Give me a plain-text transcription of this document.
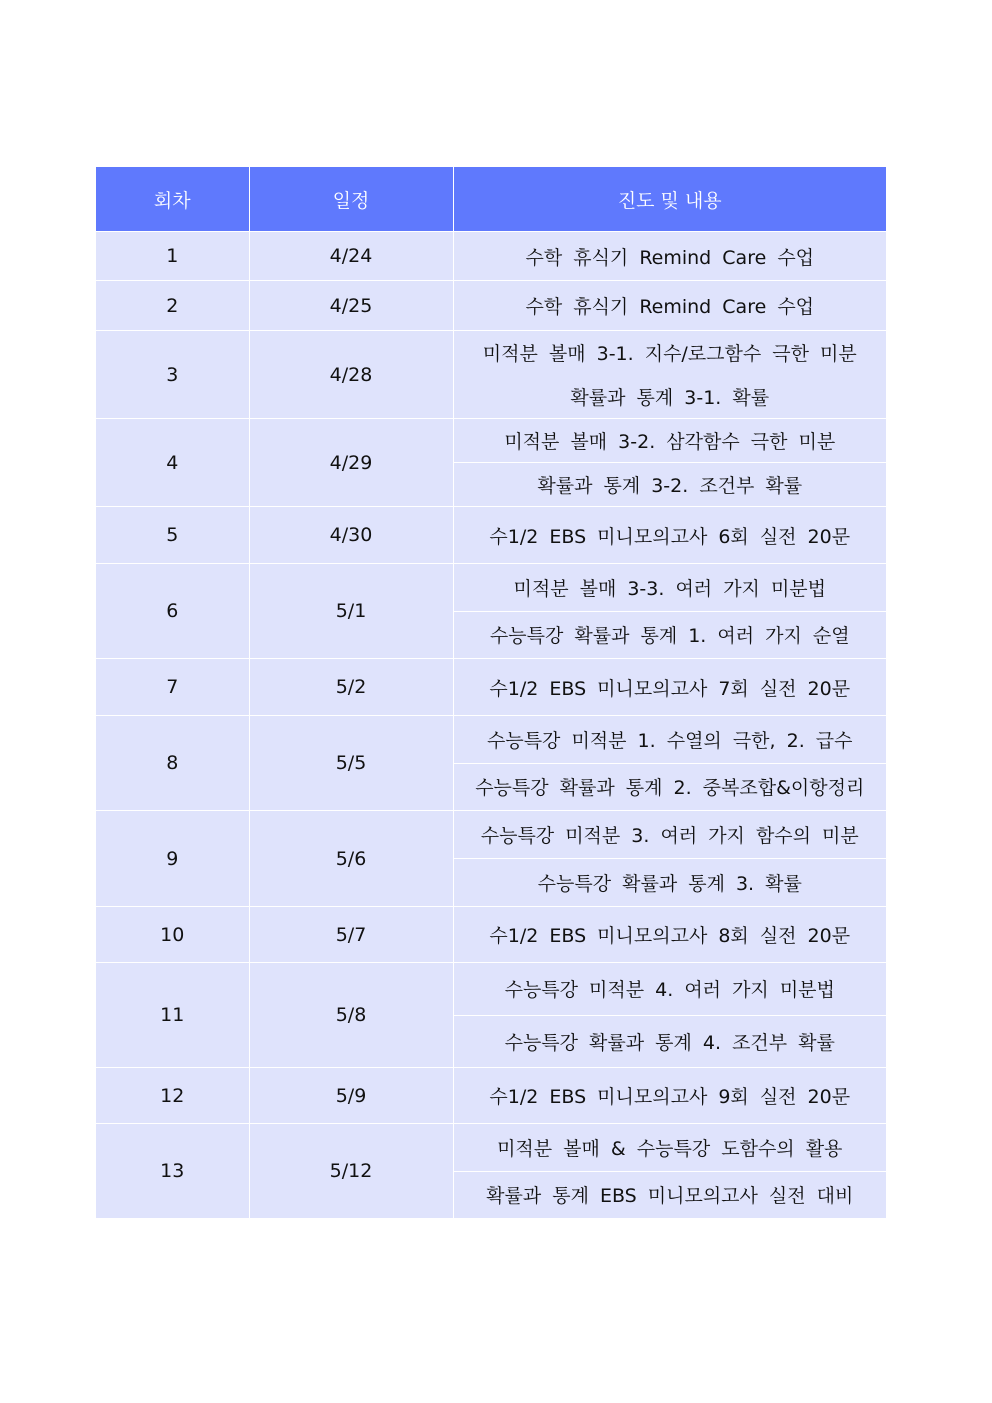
회차	일정	진도 및 내용
1	4/24	수학 휴식기 Remind Care 수업
2	4/25	수학 휴식기 Remind Care 수업
3	4/28	미적분 볼매 3-1. 지수/로그함수 극한 미분
확률과 통계 3-1. 확률

4	4/29	미적분 볼매 3-2. 삼각함수 극한 미분
확률과 통계 3-2. 조건부 확률

5	4/30	수1/2 EBS 미니모의고사 6회 실전 20문
6	5/1	미적분 볼매 3-3. 여러 가지 미분법
수능특강 확률과 통계 1. 여러 가지 순열

7	5/2	수1/2 EBS 미니모의고사 7회 실전 20문
8	5/5	수능특강 미적분 1. 수열의 극한, 2. 급수
수능특강 확률과 통계 2. 중복조합&이항정리

9	5/6	수능특강 미적분 3. 여러 가지 함수의 미분
수능특강 확률과 통계 3. 확률

10	5/7	수1/2 EBS 미니모의고사 8회 실전 20문
11	5/8	수능특강 미적분 4. 여러 가지 미분법
수능특강 확률과 통계 4. 조건부 확률

12	5/9	수1/2 EBS 미니모의고사 9회 실전 20문
13	5/12	미적분 볼매 & 수능특강 도함수의 활용
확률과 통계 EBS 미니모의고사 실전 대비
